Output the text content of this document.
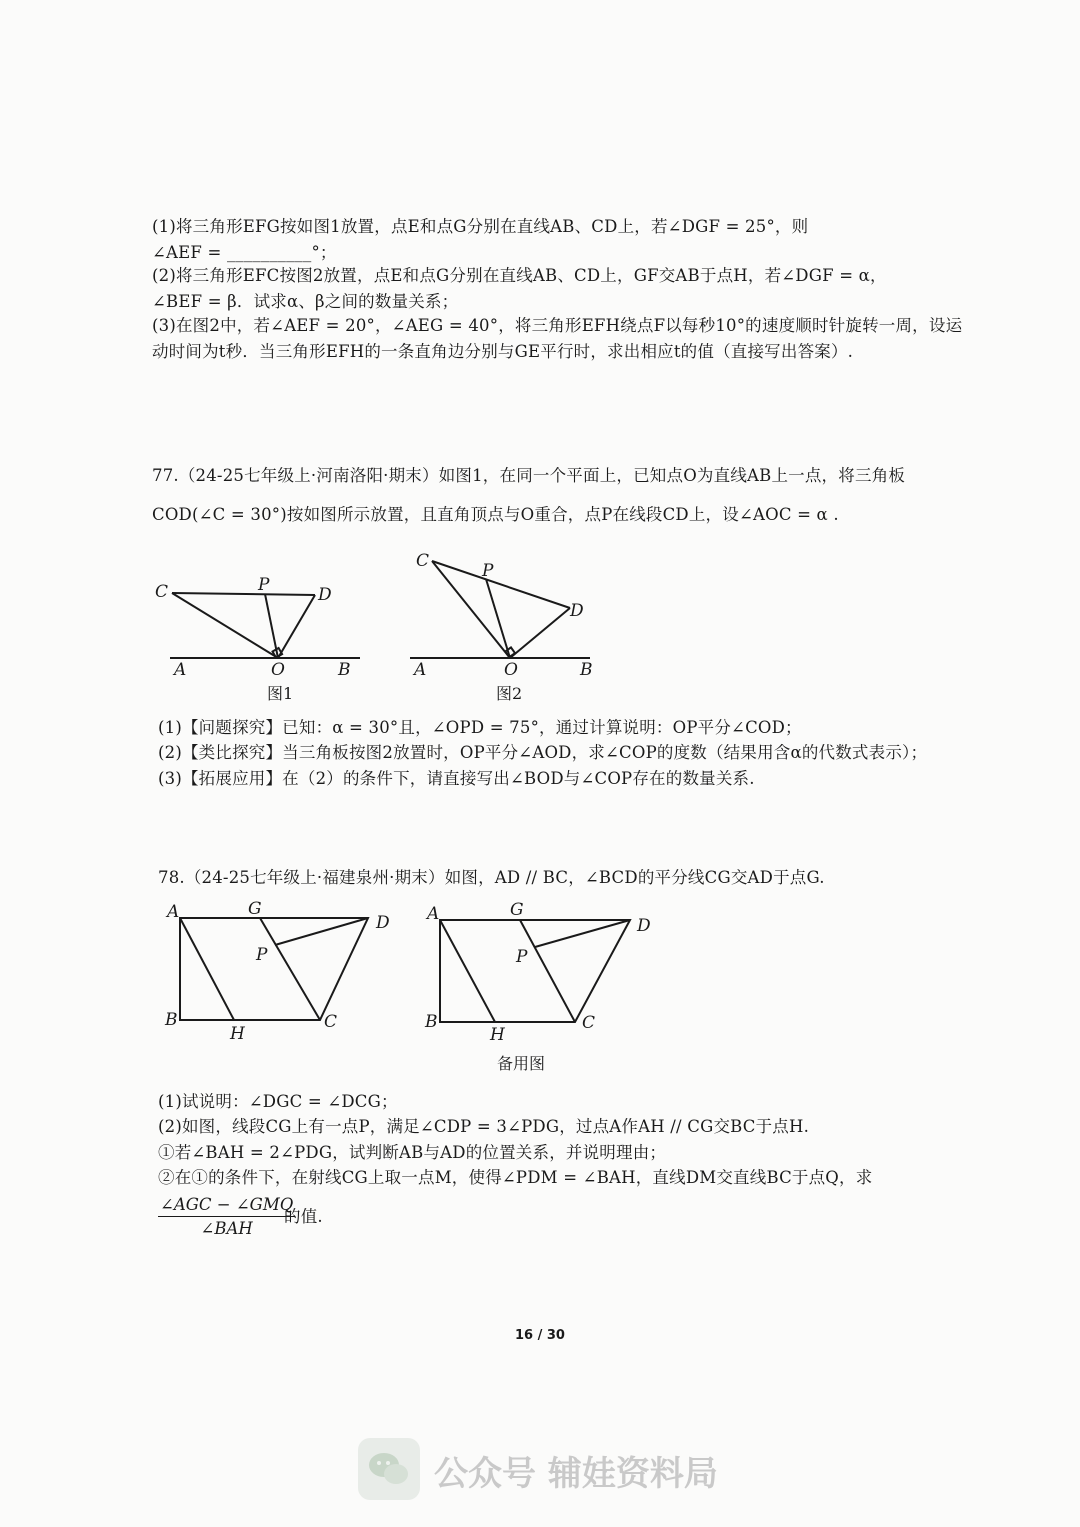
(1)将三角形EFG按如图1放置，点E和点G分别在直线AB、CD上，若∠DGF = 25°，则
∠AEF = __________°；
(2)将三角形EFC按图2放置，点E和点G分别在直线AB、CD上，GF交AB于点H，若∠DGF = α，
∠BEF = β．试求α、β之间的数量关系；
(3)在图2中，若∠AEF = 20°，∠AEG = 40°，将三角形EFH绕点F以每秒10°的速度顺时针旋转一周，设运
动时间为t秒．当三角形EFH的一条直角边分别与GE平行时，求出相应t的值（直接写出答案）.
77.（24-25七年级上·河南洛阳·期末）如图1，在同一个平面上，已知点O为直线AB上一点，将三角板
COD(∠C = 30°)按如图所示放置，且直角顶点与O重合，点P在线段CD上，设∠AOC = α .
C	P	D
A	O	B
C	P
D
A	O	B
图1	图2
(1)【问题探究】已知：α = 30°且，∠OPD = 75°，通过计算说明：OP平分∠COD；
(2)【类比探究】当三角板按图2放置时，OP平分∠AOD，求∠COP的度数（结果用含α的代数式表示）；
(3)【拓展应用】在（2）的条件下，请直接写出∠BOD与∠COP存在的数量关系.
78.（24-25七年级上·福建泉州·期末）如图，AD // BC，∠BCD的平分线CG交AD于点G.
A	G
D
P
B
H
C
A	G
D
P
B
H
C
备用图
(1)试说明：∠DGC = ∠DCG；
(2)如图，线段CG上有一点P，满足∠CDP = 3∠PDG，过点A作AH // CG交BC于点H.
①若∠BAH = 2∠PDG，试判断AB与AD的位置关系，并说明理由；
②在①的条件下，在射线CG上取一点M，使得∠PDM = ∠BAH，直线DM交直线BC于点Q，求
∠AGC − ∠GMQ
∠BAH
的值.
16 / 30
公众号 辅娃资料局
